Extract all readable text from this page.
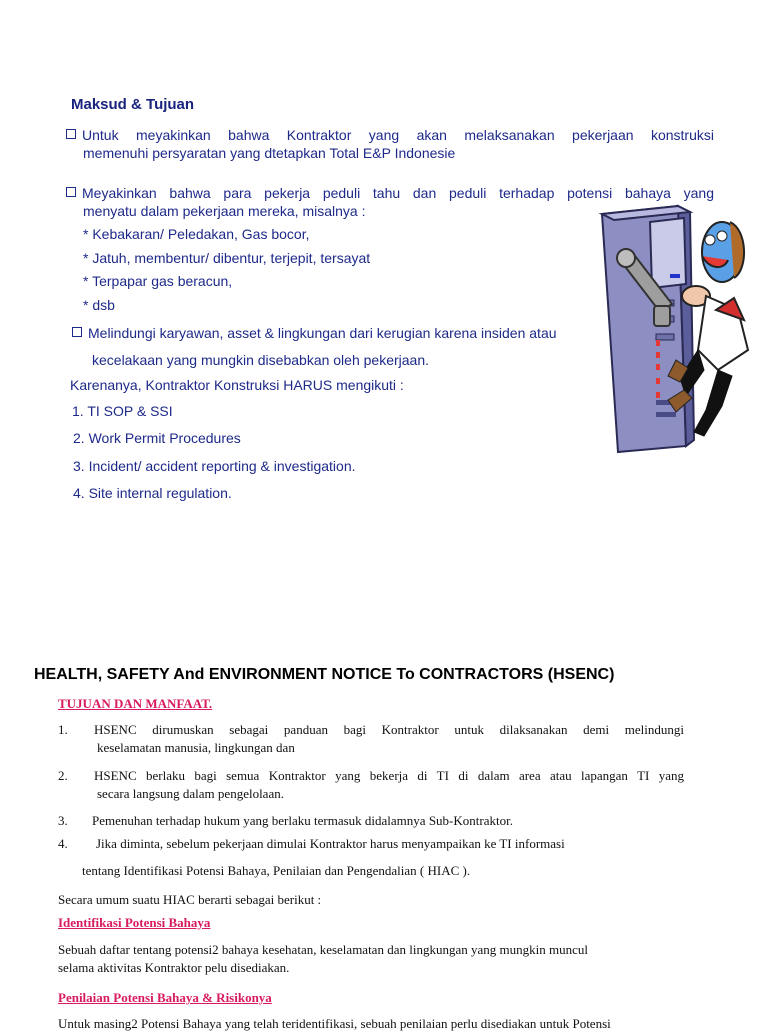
Maksud & Tujuan
Untuk meyakinkan bahwa Kontraktor yang akan melaksanakan pekerjaan konstruksi
memenuhi persyaratan yang dtetapkan Total E&P Indonesie
Meyakinkan bahwa para pekerja peduli tahu dan peduli terhadap potensi bahaya yang
menyatu dalam pekerjaan mereka, misalnya :
* Kebakaran/ Peledakan, Gas bocor,
* Jatuh, membentur/ dibentur, terjepit, tersayat
* Terpapar gas beracun,
* dsb
Melindungi karyawan, asset & lingkungan dari kerugian karena insiden atau
kecelakaan yang mungkin disebabkan oleh pekerjaan.
Karenanya, Kontraktor Konstruksi HARUS mengikuti :
1. TI SOP & SSI
2. Work Permit Procedures
3. Incident/ accident reporting & investigation.
4. Site internal regulation.
HEALTH, SAFETY And ENVIRONMENT NOTICE To CONTRACTORS (HSENC)
TUJUAN DAN MANFAAT.
1. HSENC dirumuskan sebagai panduan bagi Kontraktor untuk dilaksanakan demi melindungi
keselamatan manusia, lingkungan dan
2. HSENC berlaku bagi semua Kontraktor yang bekerja di TI di dalam area atau lapangan TI yang
secara langsung dalam pengelolaan.
3. Pemenuhan terhadap hukum yang berlaku termasuk didalamnya Sub-Kontraktor.
4. Jika diminta, sebelum pekerjaan dimulai Kontraktor harus menyampaikan ke TI informasi
tentang Identifikasi Potensi Bahaya, Penilaian dan Pengendalian ( HIAC ).
Secara umum suatu HIAC berarti sebagai berikut :
Identifikasi Potensi Bahaya
Sebuah daftar tentang potensi2 bahaya kesehatan, keselamatan dan lingkungan yang mungkin muncul
selama aktivitas Kontraktor pelu disediakan.
Penilaian Potensi Bahaya & Risikonya
Untuk masing2 Potensi Bahaya yang telah teridentifikasi, sebuah penilaian perlu disediakan untuk Potensi
